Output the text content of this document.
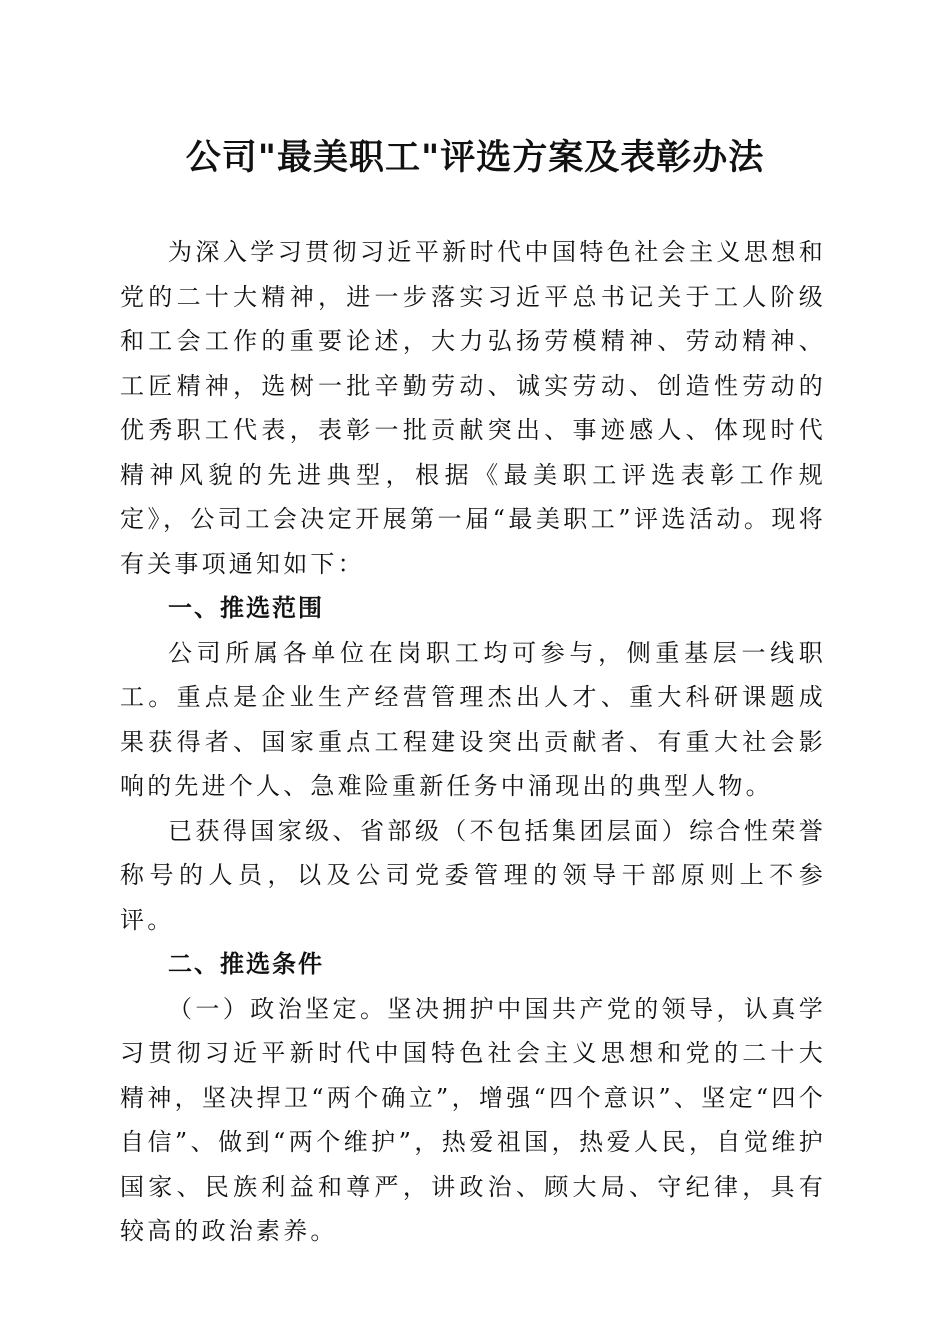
公司"最美职工"评选方案及表彰办法

为深入学习贯彻习近平新时代中国特色社会主义思想和党的二十大精神，进一步落实习近平总书记关于工人阶级和工会工作的重要论述，大力弘扬劳模精神、劳动精神、工匠精神，选树一批辛勤劳动、诚实劳动、创造性劳动的优秀职工代表，表彰一批贡献突出、事迹感人、体现时代精神风貌的先进典型，根据《最美职工评选表彰工作规定》，公司工会决定开展第一届“最美职工”评选活动。现将有关事项通知如下：

一、推选范围

公司所属各单位在岗职工均可参与，侧重基层一线职工。重点是企业生产经营管理杰出人才、重大科研课题成果获得者、国家重点工程建设突出贡献者、有重大社会影响的先进个人、急难险重新任务中涌现出的典型人物。

已获得国家级、省部级（不包括集团层面）综合性荣誉称号的人员，以及公司党委管理的领导干部原则上不参评。

二、推选条件

（一）政治坚定。坚决拥护中国共产党的领导，认真学习贯彻习近平新时代中国特色社会主义思想和党的二十大精神，坚决捍卫“两个确立”，增强“四个意识”、坚定“四个自信”、做到“两个维护”，热爱祖国，热爱人民，自觉维护国家、民族利益和尊严，讲政治、顾大局、守纪律，具有较高的政治素养。
